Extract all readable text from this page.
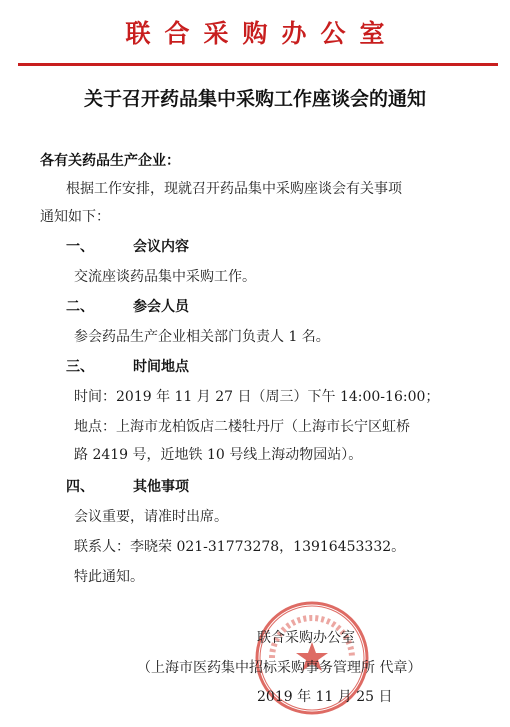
联合采购办公室
关于召开药品集中采购工作座谈会的通知
各有关药品生产企业：
根据工作安排，现就召开药品集中采购座谈会有关事项
通知如下：
一、	会议内容
交流座谈药品集中采购工作。
二、	参会人员
参会药品生产企业相关部门负责人 1 名。
三、	时间地点
时间：2019 年 11 月 27 日（周三）下午 14:00-16:00；
地点：上海市龙柏饭店二楼牡丹厅（上海市长宁区虹桥
路 2419 号，近地铁 10 号线上海动物园站）。
四、	其他事项
会议重要，请准时出席。
联系人：李晓荣 021-31773278，13916453332。
特此通知。
联合采购办公室
（上海市医药集中招标采购事务管理所 代章）
2019 年 11 月 25 日
